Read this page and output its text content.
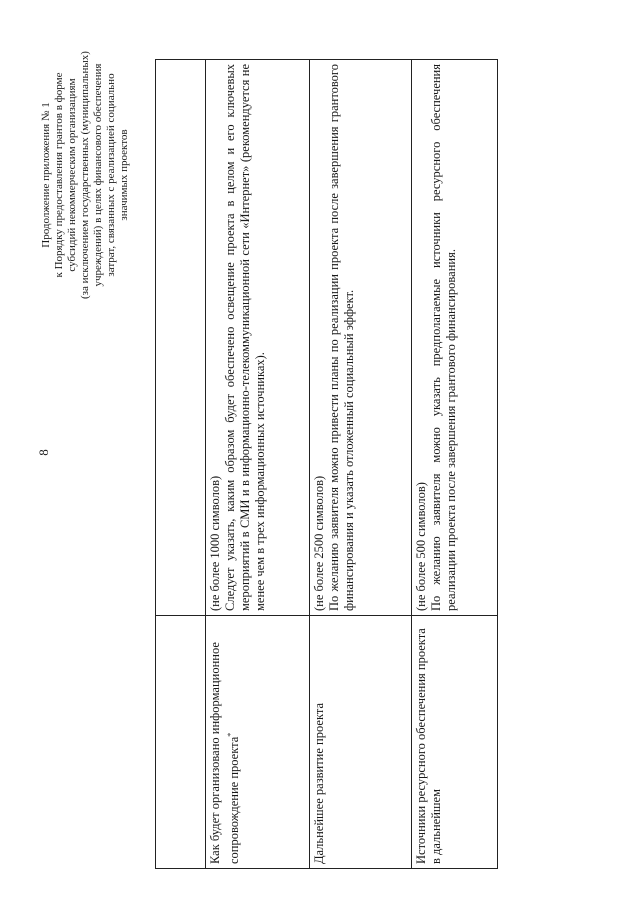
8
Продолжение приложения № 1 к Порядку предоставления грантов в форме субсидий некоммерческим организациям (за исключением государственных (муниципальных) учреждений) в целях финансового обеспечения затрат, связанных с реализацией социально значимых проектов

Как будет организовано информационное сопровождение проекта*	(не более 1000 символов) Следует указать, каким образом будет обеспечено освещение проекта в целом и его ключевых мероприятий в СМИ и в информационно-телекоммуникационной сети «Интернет» (рекомендуется не менее чем в трех информационных источниках).

Дальнейшее развитие проекта	(не более 2500 символов) По желанию заявителя можно привести планы по реализации проекта после завершения грантового финансирования и указать отложенный социальный эффект.

Источники ресурсного обеспечения проекта в дальнейшем	(не более 500 символов) По желанию заявителя можно указать предполагаемые источники ресурсного обеспечения реализации проекта после завершения грантового финансирования.
